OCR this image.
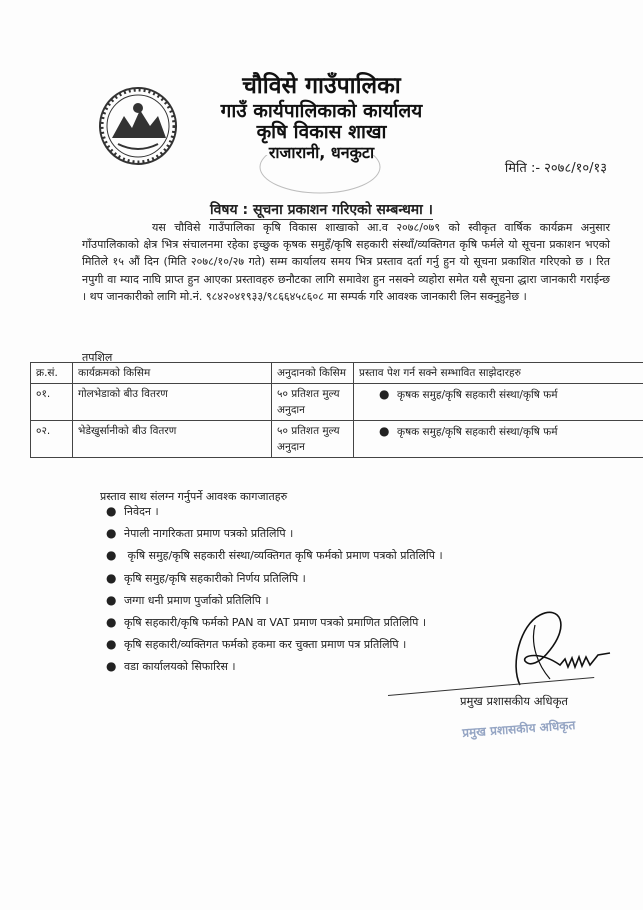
चौविसे गाउँपालिका
गाउँ कार्यपालिकाको कार्यालय
कृषि विकास शाखा
राजारानी, धनकुटा
मिति :- २०७८/१०/१३
विषय : सूचना प्रकाशन गरिएको सम्बन्धमा ।
यस चौविसे गाउँपालिका कृषि विकास शाखाको आ.व २०७८/०७९ को स्वीकृत वार्षिक कार्यक्रम अनुसार गाँउपालिकाको क्षेत्र भित्र संचालनमा रहेका इच्छुक कृषक समुहँ/कृषि सहकारी संस्थाँ/व्यक्तिगत कृषि फर्मले यो सूचना प्रकाशन भएको मितिले १५ औं दिन (मिति २०७८/१०/२७ गते) सम्म कार्यालय समय भित्र प्रस्ताव दर्ता गर्नु हुन यो सूचना प्रकाशित गरिएको छ । रित नपुगी वा म्याद नाघि प्राप्त हुन आएका प्रस्तावहरु छनौटका लागि समावेश हुन नसक्ने व्यहोरा समेत यसै सूचना द्धारा जानकारी गराईन्छ । थप जानकारीको लागि मो.नं. ९८४२०४१९३३/९८६६४५८६०८ मा सम्पर्क गरि आवश्क जानकारी लिन सक्नुहुनेछ ।
तपशिल
क्र.सं.	कार्यक्रमको किसिम	अनुदानको किसिम	प्रस्ताव पेश गर्न सक्ने सम्भावित साझेदारहरु
०१.	गोलभेडाको बीउ वितरण	५० प्रतिशत मुल्य अनुदान	● कृषक समुह/कृषि सहकारी संस्था/कृषि फर्म
०२.	भेडेखुर्सानीको बीउ वितरण	५० प्रतिशत मुल्य अनुदान	● कृषक समुह/कृषि सहकारी संस्था/कृषि फर्म
प्रस्ताव साथ संलग्न गर्नुपर्ने आवश्क कागजातहरु
● निवेदन ।
● नेपाली नागरिकता प्रमाण पत्रको प्रतिलिपि ।
● कृषि समुह/कृषि सहकारी संस्था/व्यक्तिगत कृषि फर्मको प्रमाण पत्रको प्रतिलिपि ।
● कृषि समुह/कृषि सहकारीको निर्णय प्रतिलिपि ।
● जग्गा धनी प्रमाण पुर्जाको प्रतिलिपि ।
● कृषि सहकारी/कृषि फर्मको PAN वा VAT प्रमाण पत्रको प्रमाणित प्रतिलिपि ।
● कृषि सहकारी/व्यक्तिगत फर्मको हकमा कर चुक्ता प्रमाण पत्र प्रतिलिपि ।
● वडा कार्यालयको सिफारिस ।
प्रमुख प्रशासकीय अधिकृत
प्रमुख प्रशासकीय अधिकृत
